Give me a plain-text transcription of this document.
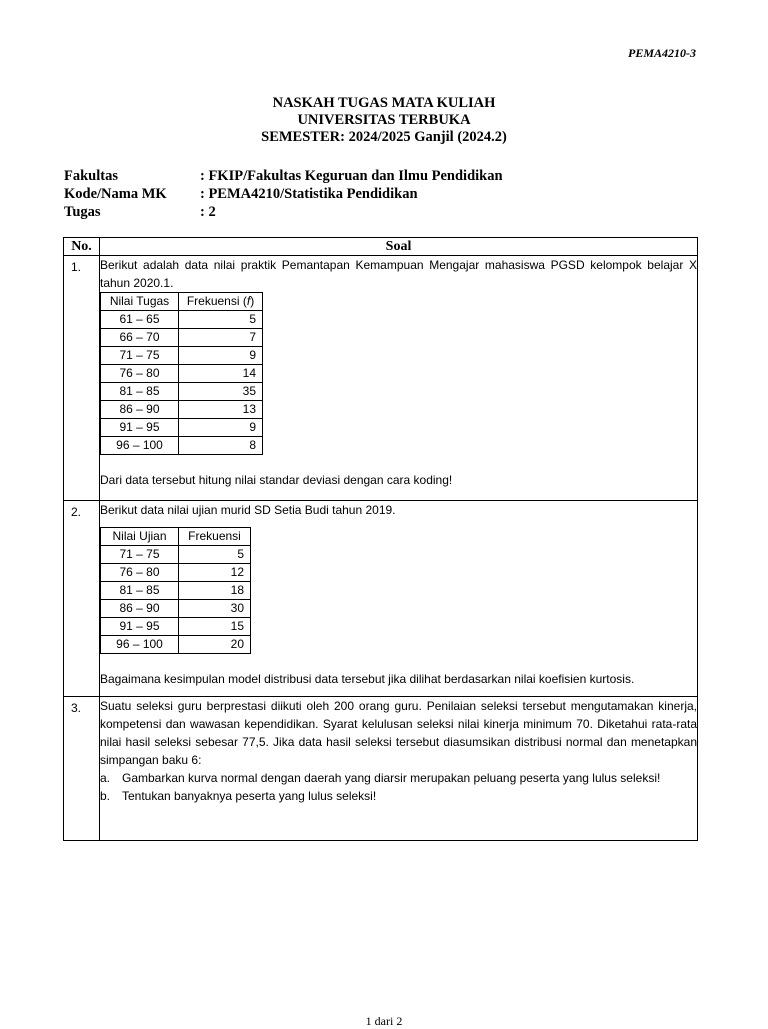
PEMA4210-3
NASKAH TUGAS MATA KULIAH
UNIVERSITAS TERBUKA
SEMESTER: 2024/2025 Ganjil (2024.2)
Fakultas	: FKIP/Fakultas Keguruan dan Ilmu Pendidikan
Kode/Nama MK : PEMA4210/Statistika Pendidikan
Tugas	: 2
No.	Soal
1.	Berikut adalah data nilai praktik Pemantapan Kemampuan Mengajar mahasiswa PGSD kelompok belajar X tahun 2020.1.
Nilai Tugas	Frekuensi (f)
61 – 65	5
66 – 70	7
71 – 75	9
76 – 80	14
81 – 85	35
86 – 90	13
91 – 95	9
96 – 100	8
Dari data tersebut hitung nilai standar deviasi dengan cara koding!

2.	Berikut data nilai ujian murid SD Setia Budi tahun 2019.
Nilai Ujian	Frekuensi
71 – 75	5
76 – 80	12
81 – 85	18
86 – 90	30
91 – 95	15
96 – 100	20
Bagaimana kesimpulan model distribusi data tersebut jika dilihat berdasarkan nilai koefisien kurtosis.

3.	Suatu seleksi guru berprestasi diikuti oleh 200 orang guru. Penilaian seleksi tersebut mengutamakan kinerja, kompetensi dan wawasan kependidikan. Syarat kelulusan seleksi nilai kinerja minimum 70. Diketahui rata-rata nilai hasil seleksi sebesar 77,5. Jika data hasil seleksi tersebut diasumsikan distribusi normal dan menetapkan simpangan baku 6:
a. Gambarkan kurva normal dengan daerah yang diarsir merupakan peluang peserta yang lulus seleksi!
b. Tentukan banyaknya peserta yang lulus seleksi!
1 dari 2
